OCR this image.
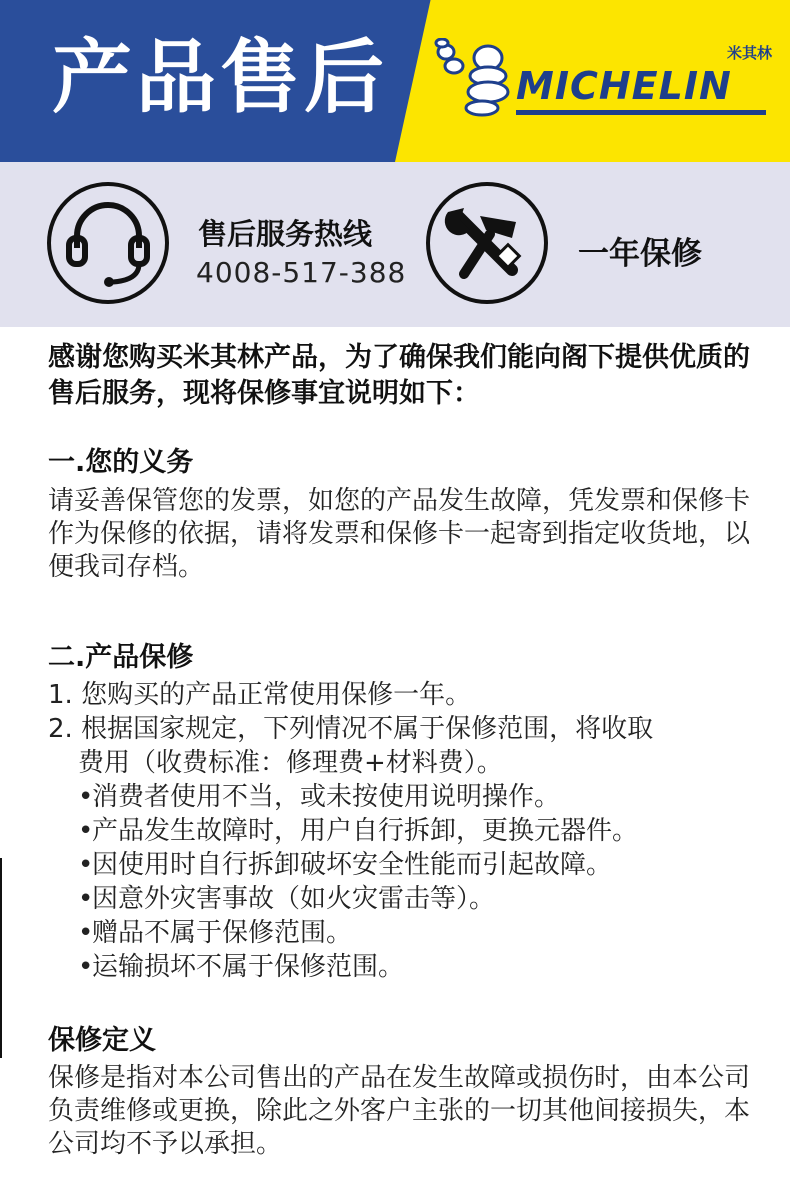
产品售后	米其林
MICHELIN
售后服务热线
4008-517-388
一年保修

感谢您购买米其林产品，为了确保我们能向阁下提供优质的售后服务，现将保修事宜说明如下：

一.您的义务

请妥善保管您的发票，如您的产品发生故障，凭发票和保修卡作为保修的依据，请将发票和保修卡一起寄到指定收货地，以便我司存档。

二.产品保修
1. 您购买的产品正常使用保修一年。
2. 根据国家规定，下列情况不属于保修范围，将收取
费用（收费标准：修理费+材料费）。
•消费者使用不当，或未按使用说明操作。
•产品发生故障时，用户自行拆卸，更换元器件。
•因使用时自行拆卸破坏安全性能而引起故障。
•因意外灾害事故（如火灾雷击等）。
•赠品不属于保修范围。
•运输损坏不属于保修范围。
保修定义

保修是指对本公司售出的产品在发生故障或损伤时，由本公司负责维修或更换，除此之外客户主张的一切其他间接损失，本公司均不予以承担。
